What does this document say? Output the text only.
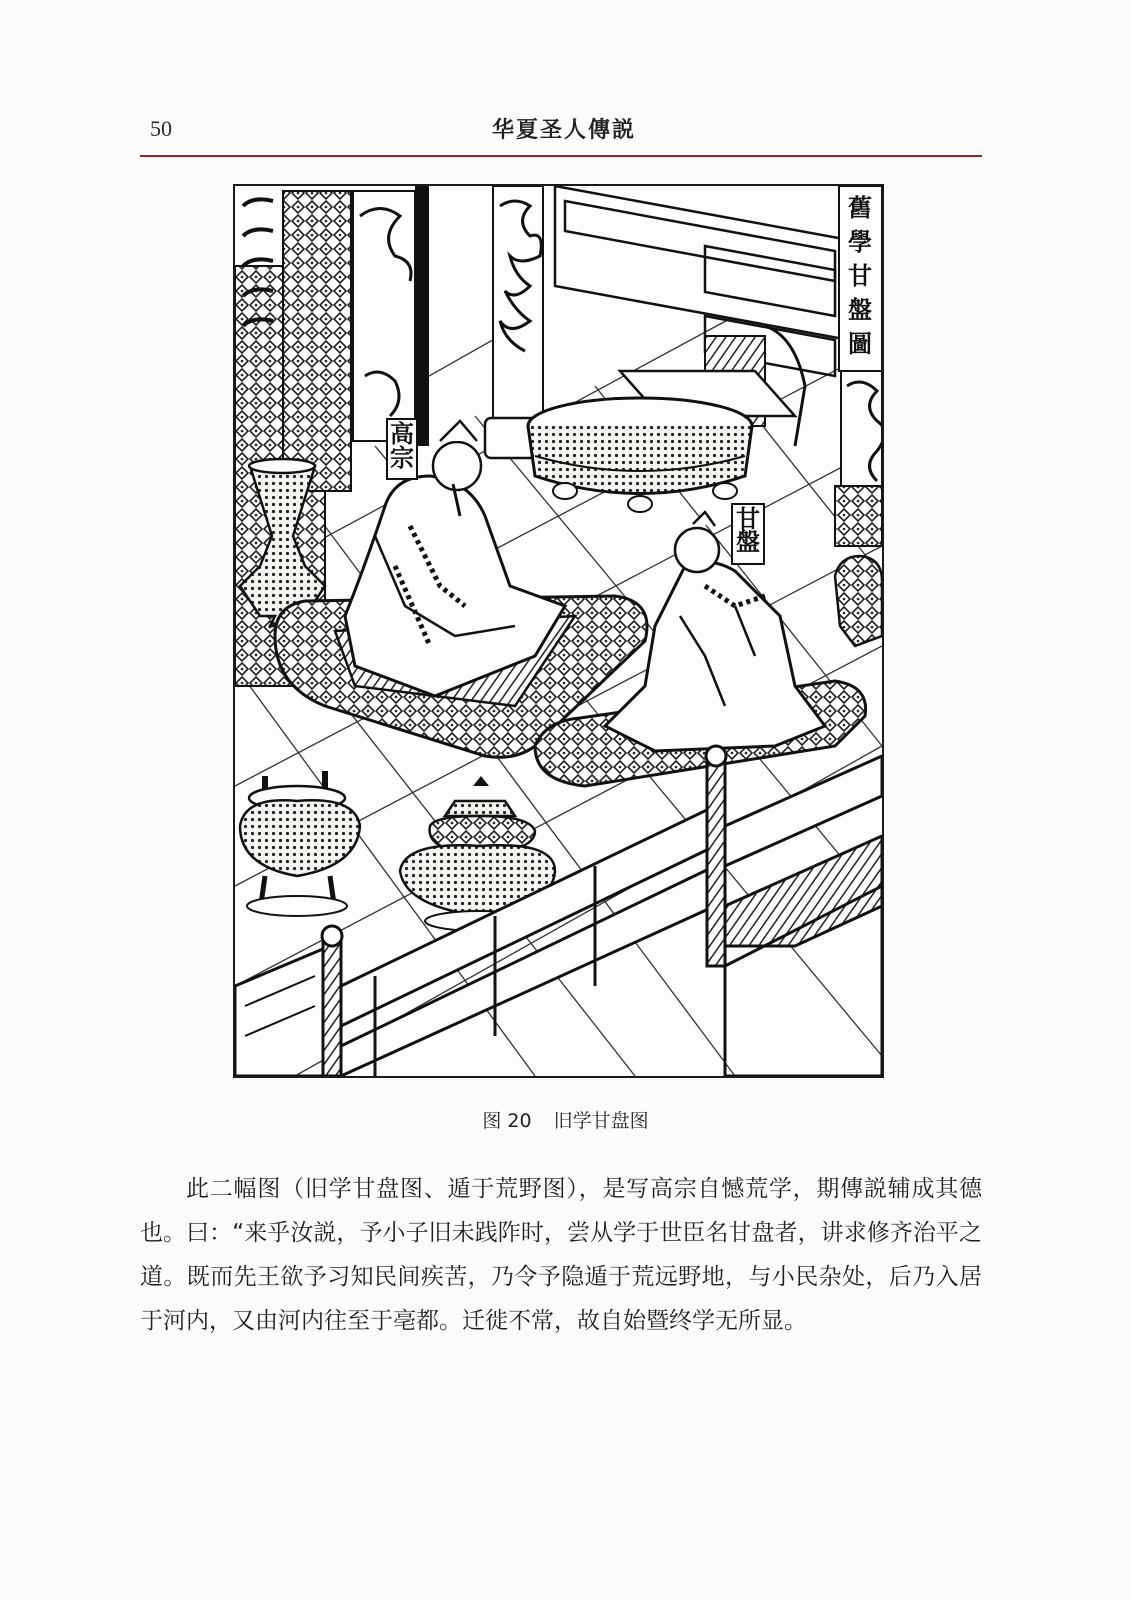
50	华夏圣人傳説
舊學甘盤圖
高宗
甘盤
图 20 旧学甘盘图

此二幅图（旧学甘盘图、遁于荒野图），是写高宗自憾荒学，期傳説辅成其德也。曰：“来乎汝説，予小子旧未践阼时，尝从学于世臣名甘盘者，讲求修齐治平之道。既而先王欲予习知民间疾苦，乃令予隐遁于荒远野地，与小民杂处，后乃入居于河内，又由河内往至于亳都。迁徙不常，故自始暨终学无所显。
